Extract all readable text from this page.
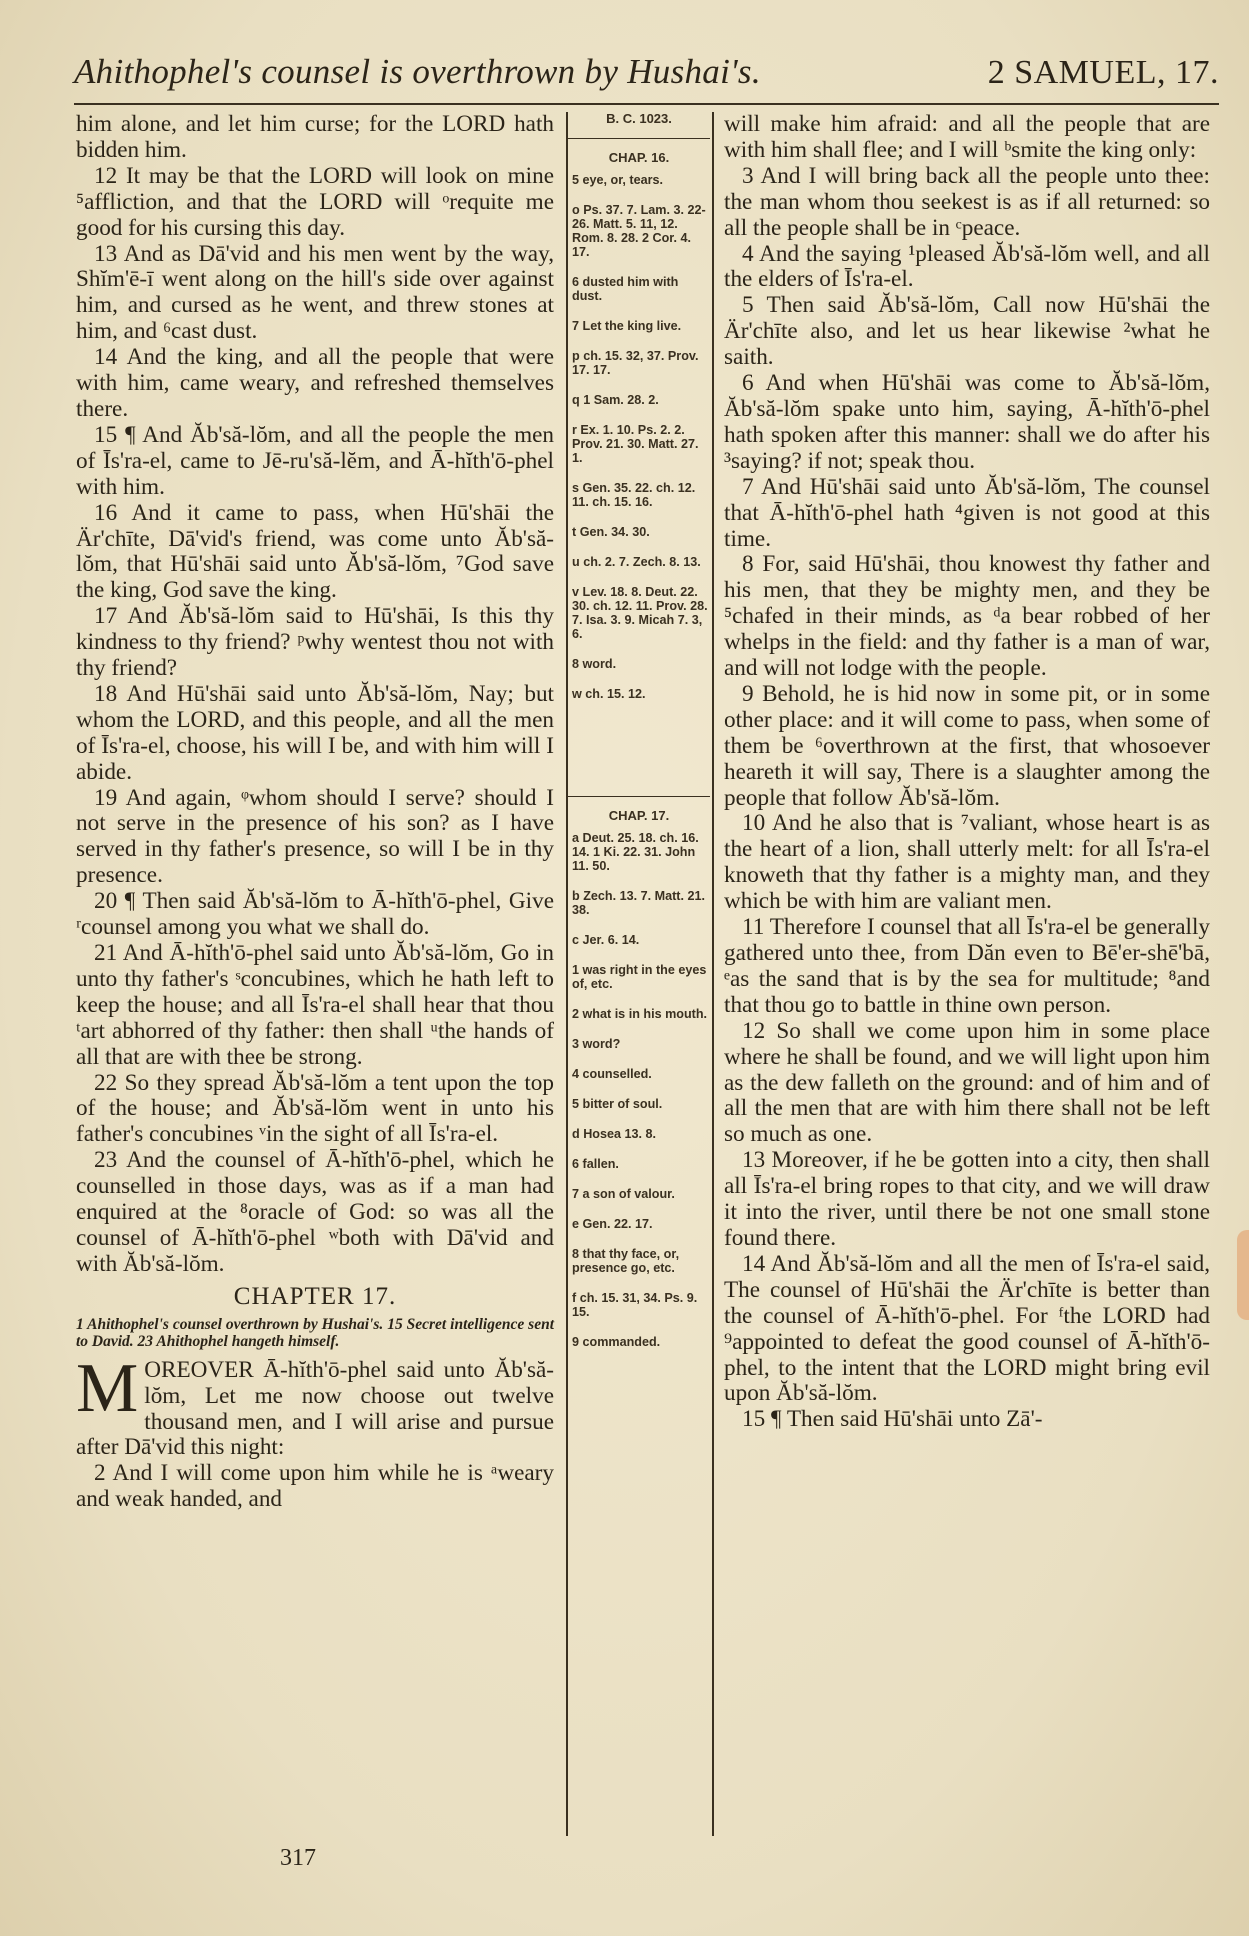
Ahithophel's counsel is overthrown by Hushai's.	2 SAMUEL, 17.

him alone, and let him curse; for the LORD hath bidden him.

12 It may be that the LORD will look on mine ⁵affliction, and that the LORD will ᵒrequite me good for his cursing this day.

13 And as Dā'vid and his men went by the way, Shĭm'ē-ī went along on the hill's side over against him, and cursed as he went, and threw stones at him, and ⁶cast dust.

14 And the king, and all the people that were with him, came weary, and refreshed themselves there.

15 ¶ And Ăb'să-lŏm, and all the people the men of Īs'ra-el, came to Jē-ru'să-lĕm, and Ā-hĭth'ō-phel with him.

16 And it came to pass, when Hū'shāi the Är'chīte, Dā'vid's friend, was come unto Ăb'să-lŏm, that Hū'shāi said unto Ăb'să-lŏm, ⁷God save the king, God save the king.

17 And Ăb'să-lŏm said to Hū'shāi, Is this thy kindness to thy friend? ᵖwhy wentest thou not with thy friend?

18 And Hū'shāi said unto Ăb'să-lŏm, Nay; but whom the LORD, and this people, and all the men of Īs'ra-el, choose, his will I be, and with him will I abide.

19 And again, ᵠwhom should I serve? should I not serve in the presence of his son? as I have served in thy father's presence, so will I be in thy presence.

20 ¶ Then said Ăb'să-lŏm to Ā-hĭth'ō-phel, Give ʳcounsel among you what we shall do.

21 And Ā-hĭth'ō-phel said unto Ăb'să-lŏm, Go in unto thy father's ˢconcubines, which he hath left to keep the house; and all Īs'ra-el shall hear that thou ᵗart abhorred of thy father: then shall ᵘthe hands of all that are with thee be strong.

22 So they spread Ăb'să-lŏm a tent upon the top of the house; and Ăb'să-lŏm went in unto his father's concubines ᵛin the sight of all Īs'ra-el.

23 And the counsel of Ā-hĭth'ō-phel, which he counselled in those days, was as if a man had enquired at the ⁸oracle of God: so was all the counsel of Ā-hĭth'ō-phel ʷboth with Dā'vid and with Ăb'să-lŏm.

CHAPTER 17.
1 Ahithophel's counsel overthrown by Hushai's. 15 Secret intelligence sent to David. 23 Ahithophel hangeth himself.

MOREOVER Ā-hĭth'ō-phel said unto Ăb'să-lŏm, Let me now choose out twelve thousand men, and I will arise and pursue after Dā'vid this night:

2 And I will come upon him while he is ᵃweary and weak handed, and

B. C. 1023.
CHAP. 16.
5 eye, or, tears.
o Ps. 37. 7. Lam. 3. 22-26. Matt. 5. 11, 12. Rom. 8. 28. 2 Cor. 4. 17.
6 dusted him with dust.
7 Let the king live.
p ch. 15. 32, 37. Prov. 17. 17.
q 1 Sam. 28. 2.
r Ex. 1. 10. Ps. 2. 2. Prov. 21. 30. Matt. 27. 1.
s Gen. 35. 22. ch. 12. 11. ch. 15. 16.
t Gen. 34. 30.
u ch. 2. 7. Zech. 8. 13.
v Lev. 18. 8. Deut. 22. 30. ch. 12. 11. Prov. 28. 7. Isa. 3. 9. Micah 7. 3, 6.
8 word.
w ch. 15. 12.
CHAP. 17.
a Deut. 25. 18. ch. 16. 14. 1 Ki. 22. 31. John 11. 50.
b Zech. 13. 7. Matt. 21. 38.
c Jer. 6. 14.
1 was right in the eyes of, etc.
2 what is in his mouth.
3 word?
4 counselled.
5 bitter of soul.
d Hosea 13. 8.
6 fallen.
7 a son of valour.
e Gen. 22. 17.
8 that thy face, or, presence go, etc.
f ch. 15. 31, 34. Ps. 9. 15.
9 commanded.

will make him afraid: and all the people that are with him shall flee; and I will ᵇsmite the king only:

3 And I will bring back all the people unto thee: the man whom thou seekest is as if all returned: so all the people shall be in ᶜpeace.

4 And the saying ¹pleased Ăb'să-lŏm well, and all the elders of Īs'ra-el.

5 Then said Ăb'să-lŏm, Call now Hū'shāi the Är'chīte also, and let us hear likewise ²what he saith.

6 And when Hū'shāi was come to Ăb'să-lŏm, Ăb'să-lŏm spake unto him, saying, Ā-hĭth'ō-phel hath spoken after this manner: shall we do after his ³saying? if not; speak thou.

7 And Hū'shāi said unto Ăb'să-lŏm, The counsel that Ā-hĭth'ō-phel hath ⁴given is not good at this time.

8 For, said Hū'shāi, thou knowest thy father and his men, that they be mighty men, and they be ⁵chafed in their minds, as ᵈa bear robbed of her whelps in the field: and thy father is a man of war, and will not lodge with the people.

9 Behold, he is hid now in some pit, or in some other place: and it will come to pass, when some of them be ⁶overthrown at the first, that whosoever heareth it will say, There is a slaughter among the people that follow Ăb'să-lŏm.

10 And he also that is ⁷valiant, whose heart is as the heart of a lion, shall utterly melt: for all Īs'ra-el knoweth that thy father is a mighty man, and they which be with him are valiant men.

11 Therefore I counsel that all Īs'ra-el be generally gathered unto thee, from Dăn even to Bē'er-shē'bā, ᵉas the sand that is by the sea for multitude; ⁸and that thou go to battle in thine own person.

12 So shall we come upon him in some place where he shall be found, and we will light upon him as the dew falleth on the ground: and of him and of all the men that are with him there shall not be left so much as one.

13 Moreover, if he be gotten into a city, then shall all Īs'ra-el bring ropes to that city, and we will draw it into the river, until there be not one small stone found there.

14 And Ăb'să-lŏm and all the men of Īs'ra-el said, The counsel of Hū'shāi the Är'chīte is better than the counsel of Ā-hĭth'ō-phel. For ᶠthe LORD had ⁹appointed to defeat the good counsel of Ā-hĭth'ō-phel, to the intent that the LORD might bring evil upon Ăb'să-lŏm.

15 ¶ Then said Hū'shāi unto Zā'-

317
